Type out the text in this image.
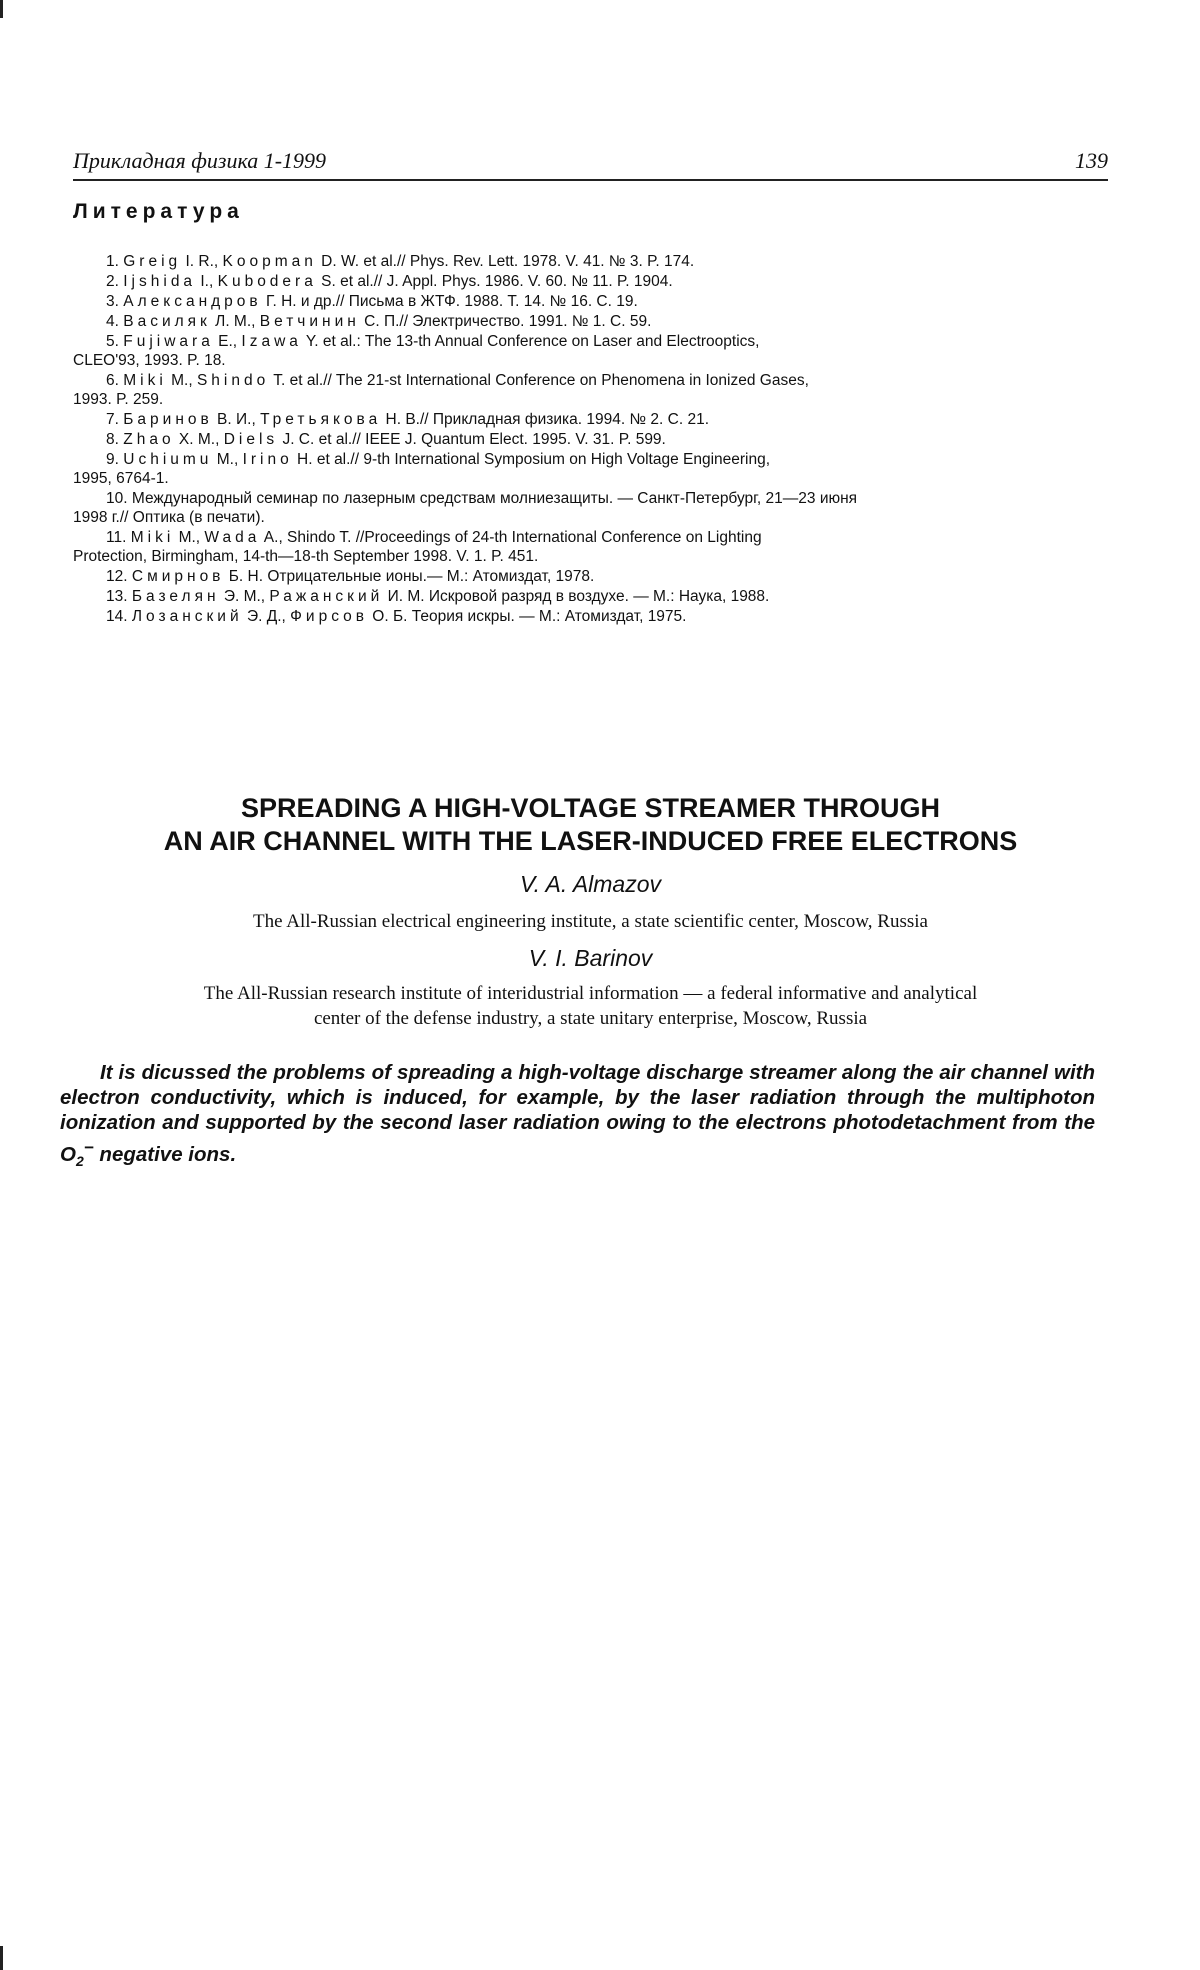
Прикладная физика 1-1999	139
Литература
1. Greig I. R., Koopman D. W. et al.// Phys. Rev. Lett. 1978. V. 41. № 3. P. 174.
2. Ijshida I., Kubodera S. et al.// J. Appl. Phys. 1986. V. 60. № 11. P. 1904.
3. Александров Г. Н. и др.// Письма в ЖТФ. 1988. Т. 14. № 16. С. 19.
4. Василяк Л. М., Ветчинин С. П.// Электричество. 1991. № 1. С. 59.
5. Fujiwara E., Izawa Y. et al.: The 13-th Annual Conference on Laser and Electrooptics,
CLEO'93, 1993. P. 18.
6. Miki M., Shindo T. et al.// The 21-st International Conference on Phenomena in Ionized Gases,
1993. P. 259.
7. Баринов В. И., Третьякова Н. В.// Прикладная физика. 1994. № 2. С. 21.
8. Zhao X. M., Diels J. C. et al.// IEEE J. Quantum Elect. 1995. V. 31. P. 599.
9. Uchiumu M., Irino H. et al.// 9-th International Symposium on High Voltage Engineering,
1995, 6764-1.
10. Международный семинар по лазерным средствам молниезащиты. — Санкт-Петербург, 21—23 июня
1998 г.// Оптика (в печати).
11. Miki M., Wada A., Shindo T. //Proceedings of 24-th International Conference on Lighting
Protection, Birmingham, 14-th—18-th September 1998. V. 1. P. 451.
12. Смирнов Б. Н. Отрицательные ионы.— М.: Атомиздат, 1978.
13. Базелян Э. М., Ражанский И. М. Искровой разряд в воздухе. — М.: Наука, 1988.
14. Лозанский Э. Д., Фирсов О. Б. Теория искры. — М.: Атомиздат, 1975.
SPREADING A HIGH-VOLTAGE STREAMER THROUGH
AN AIR CHANNEL WITH THE LASER-INDUCED FREE ELECTRONS
V. A. Almazov
The All-Russian electrical engineering institute, a state scientific center, Moscow, Russia
V. I. Barinov
The All-Russian research institute of interidustrial information — a federal informative and analytical
center of the defense industry, a state unitary enterprise, Moscow, Russia
It is dicussed the problems of spreading a high-voltage discharge streamer along the air channel with electron conductivity, which is induced, for example, by the laser radiation through the multiphoton ionization and supported by the second laser radiation owing to the electrons photodetachment from the $O_2^-$ negative ions.
